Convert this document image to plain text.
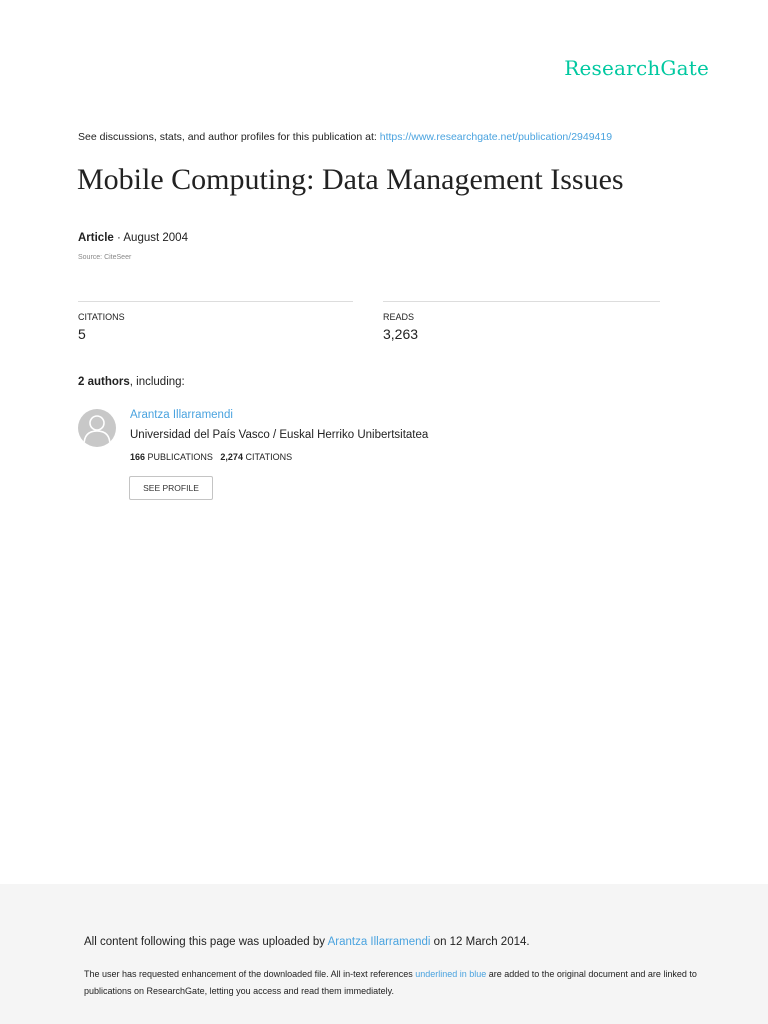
ResearchGate
See discussions, stats, and author profiles for this publication at: https://www.researchgate.net/publication/2949419
Mobile Computing: Data Management Issues
Article · August 2004
Source: CiteSeer
CITATIONS
5
READS
3,263
2 authors, including:
Arantza Illarramendi
Universidad del País Vasco / Euskal Herriko Unibertsitatea
166 PUBLICATIONS 2,274 CITATIONS
SEE PROFILE
All content following this page was uploaded by Arantza Illarramendi on 12 March 2014.
The user has requested enhancement of the downloaded file. All in-text references underlined in blue are added to the original document and are linked to publications on ResearchGate, letting you access and read them immediately.
